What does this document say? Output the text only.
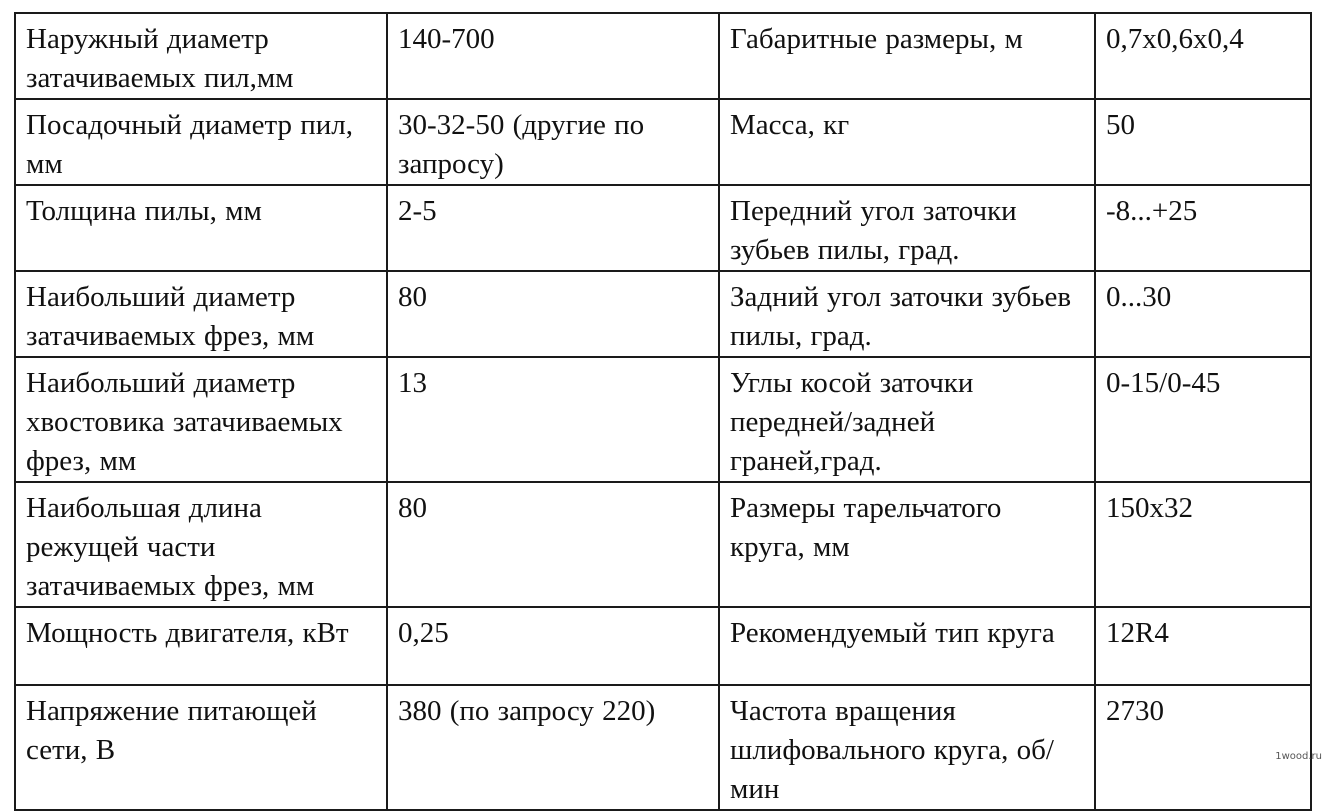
Наружный диаметр затачиваемых пил,мм	140-700	Габаритные размеры, м	0,7х0,6х0,4
Посадочный диаметр пил, мм	30-32-50 (другие по запросу)	Масса, кг	50
Толщина пилы, мм	2-5	Передний угол заточки зубьев пилы, град.	-8...+25
Наибольший диаметр затачиваемых фрез, мм	80	Задний угол заточки зубьев пилы, град.	0...30
Наибольший диаметр хвостовика затачиваемых фрез, мм	13	Углы косой заточки передней/задней граней,град.	0-15/0-45
Наибольшая длина режущей части затачиваемых фрез, мм	80	Размеры тарельчатого круга, мм	150х32
Мощность двигателя, кВт	0,25	Рекомендуемый тип круга	12R4
Напряжение питающей сети, В	380 (по запросу 220)	Частота вращения шлифовального круга, об/мин	2730
1wood.ru
